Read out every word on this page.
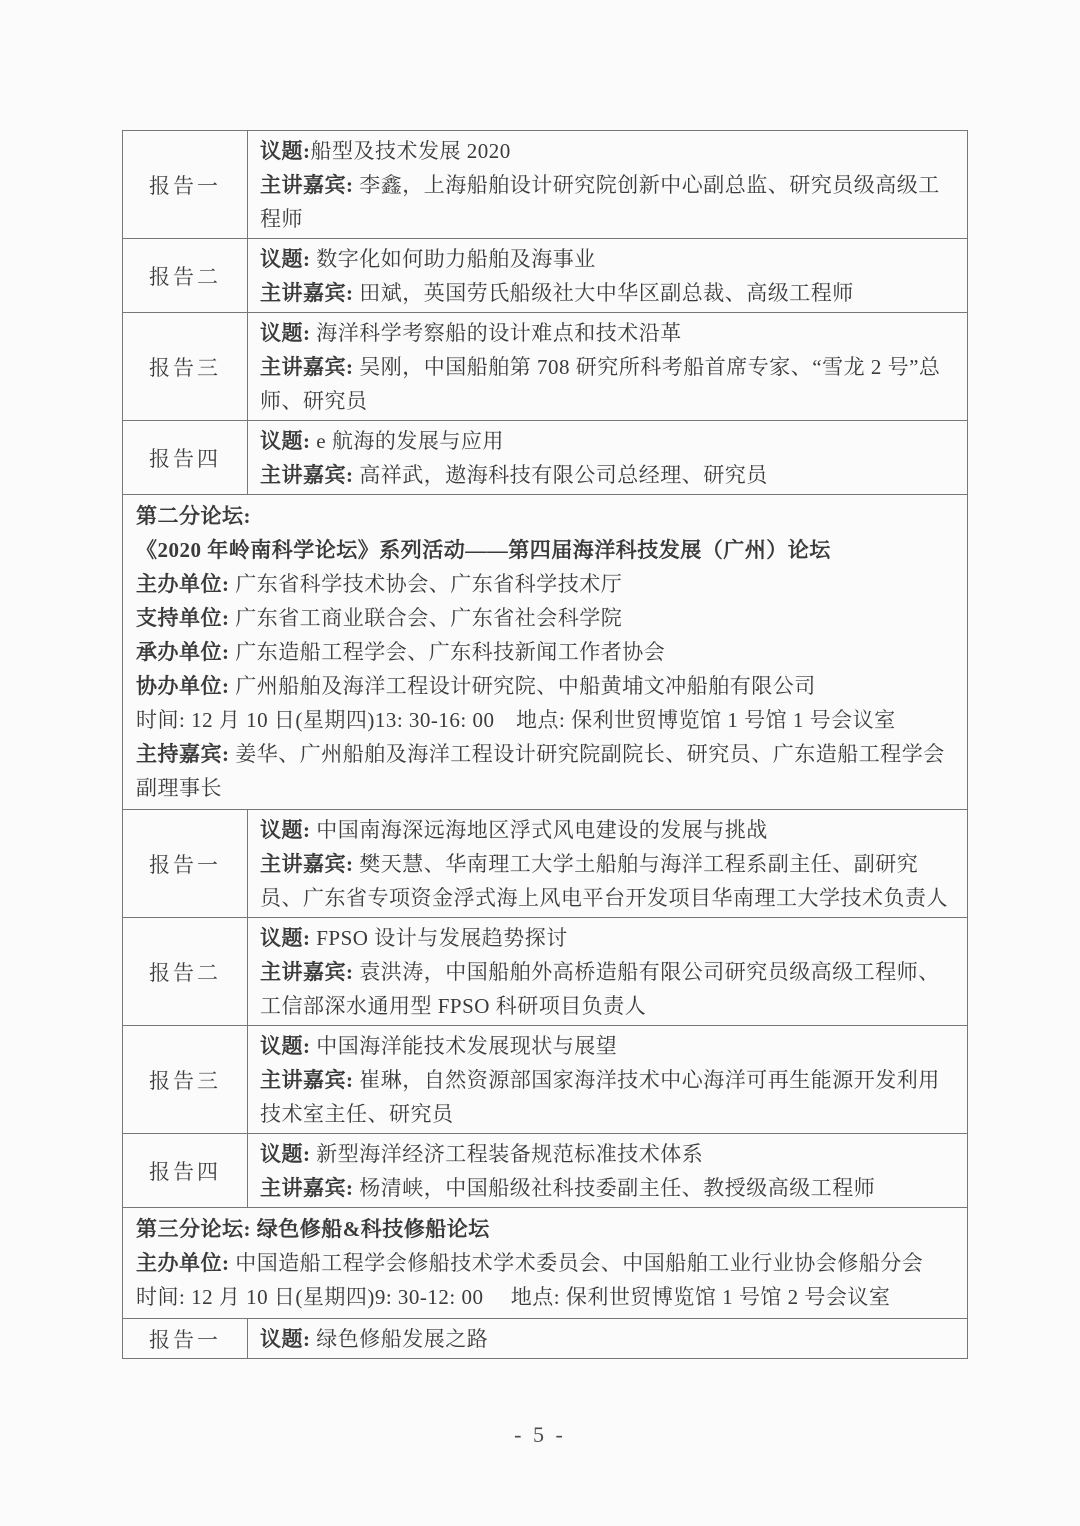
报告一

议题:船型及技术发展 2020

主讲嘉宾: 李鑫，上海船舶设计研究院创新中心副总监、研究员级高级工程师

报告二

议题: 数字化如何助力船舶及海事业

主讲嘉宾: 田斌，英国劳氏船级社大中华区副总裁、高级工程师

报告三

议题: 海洋科学考察船的设计难点和技术沿革

主讲嘉宾: 吴刚，中国船舶第 708 研究所科考船首席专家、“雪龙 2 号”总师、研究员

报告四

议题: e 航海的发展与应用

主讲嘉宾: 高祥武，遨海科技有限公司总经理、研究员

第二分论坛:
《2020 年岭南科学论坛》系列活动——第四届海洋科技发展（广州）论坛
主办单位: 广东省科学技术协会、广东省科学技术厅
支持单位: 广东省工商业联合会、广东省社会科学院
承办单位: 广东造船工程学会、广东科技新闻工作者协会
协办单位: 广州船舶及海洋工程设计研究院、中船黄埔文冲船舶有限公司
时间: 12 月 10 日(星期四)13: 30-16: 00　地点: 保利世贸博览馆 1 号馆 1 号会议室
主持嘉宾: 姜华、广州船舶及海洋工程设计研究院副院长、研究员、广东造船工程学会副理事长
报告一

议题: 中国南海深远海地区浮式风电建设的发展与挑战

主讲嘉宾: 樊天慧、华南理工大学土船舶与海洋工程系副主任、副研究员、广东省专项资金浮式海上风电平台开发项目华南理工大学技术负责人

报告二

议题: FPSO 设计与发展趋势探讨

主讲嘉宾: 袁洪涛，中国船舶外高桥造船有限公司研究员级高级工程师、工信部深水通用型 FPSO 科研项目负责人

报告三

议题: 中国海洋能技术发展现状与展望

主讲嘉宾: 崔琳，自然资源部国家海洋技术中心海洋可再生能源开发利用技术室主任、研究员

报告四

议题: 新型海洋经济工程装备规范标准技术体系

主讲嘉宾: 杨清峡，中国船级社科技委副主任、教授级高级工程师

第三分论坛: 绿色修船&科技修船论坛
主办单位: 中国造船工程学会修船技术学术委员会、中国船舶工业行业协会修船分会
时间: 12 月 10 日(星期四)9: 30-12: 00　 地点: 保利世贸博览馆 1 号馆 2 号会议室
报告一 议题: 绿色修船发展之路

- 5 -
